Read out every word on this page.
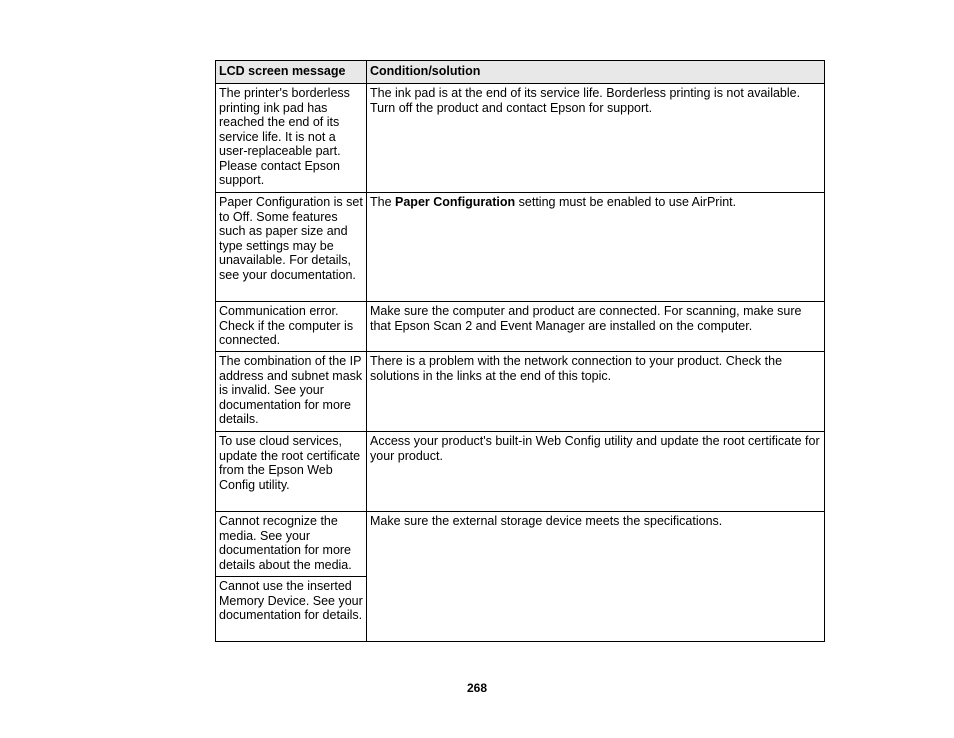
LCD screen message	Condition/solution
The printer's borderless printing ink pad has reached the end of its service life. It is not a user-replaceable part. Please contact Epson support.	The ink pad is at the end of its service life. Borderless printing is not available. Turn off the product and contact Epson for support.
Paper Configuration is set to Off. Some features such as paper size and type settings may be unavailable. For details, see your documentation.	The Paper Configuration setting must be enabled to use AirPrint.
Communication error. Check if the computer is connected.	Make sure the computer and product are connected. For scanning, make sure that Epson Scan 2 and Event Manager are installed on the computer.
The combination of the IP address and subnet mask is invalid. See your documentation for more details.	There is a problem with the network connection to your product. Check the solutions in the links at the end of this topic.
To use cloud services, update the root certificate from the Epson Web Config utility.	Access your product's built-in Web Config utility and update the root certificate for your product.
Cannot recognize the media. See your documentation for more details about the media.	Make sure the external storage device meets the specifications.
Cannot use the inserted Memory Device. See your documentation for details.	
268
